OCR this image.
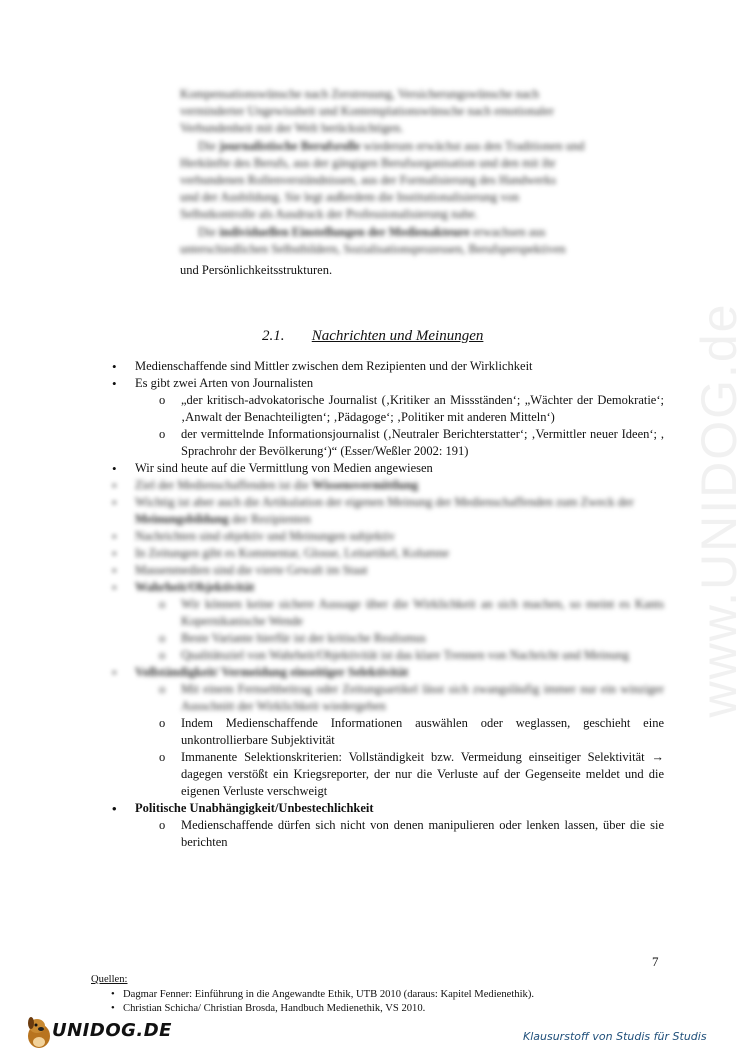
www.UNIDOG.de
Kompensationswünsche nach Zerstreuung, Versicherungswünsche nach
verminderter Ungewissheit und Kontemplationswünsche nach emotionaler
Verbundenheit mit der Welt berücksichtigen.
o Die journalistische Berufsrolle wiederum erwächst aus den Traditionen und
Herkünfte des Berufs, aus der gängigen Berufsorganisation und den mit ihr
verbundenen Rollenverständnissen, aus der Formalisierung des Handwerks
und der Ausbildung. Sie legt außerdem die Institutionalisierung von
Selbstkontrolle als Ausdruck der Professionalisierung nahe.
o Die individuellen Einstellungen der Medienakteure erwachsen aus
unterschiedlichen Selbstbildern, Sozialisationsprozessen, Berufsperspektiven
und Persönlichkeitsstrukturen.
2.1. Nachrichten und Meinungen
• Medienschaffende sind Mittler zwischen dem Rezipienten und der Wirklichkeit
• Es gibt zwei Arten von Journalisten
o „der kritisch-advokatorische Journalist (‚Kritiker an Missständen‘; „Wächter der Demokratie‘;‚Anwalt der Benachteiligten‘; ‚Pädagoge‘; ‚Politiker mit anderen Mitteln‘)
o der vermittelnde Informationsjournalist (‚Neutraler Berichterstatter‘; ‚Vermittler neuer Ideen‘; , Sprachrohr der Bevölkerung‘)“ (Esser/Weßler 2002: 191)
• Wir sind heute auf die Vermittlung von Medien angewiesen
• Ziel der Medienschaffenden ist die Wissensvermittlung
• Wichtig ist aber auch die Artikulation der eigenen Meinung der Medienschaffenden zum Zweck der Meinungsbildung der Rezipienten
• Nachrichten sind objektiv und Meinungen subjektiv
• In Zeitungen gibt es Kommentar, Glosse, Leitartikel, Kolumne
• Massenmedien sind die vierte Gewalt im Staat
• Wahrheit/Objektivität
o Wir können keine sichere Aussage über die Wirklichkeit an sich machen, so meint es Kants Kopernikanische Wende
o Beste Variante hierfür ist der kritische Realismus
o Qualitätsziel von Wahrheit/Objektivität ist das klare Trennen von Nachricht und Meinung
• Vollständigkeit/ Vermeidung einseitiger Selektivität
o Mit einem Fernsehbeitrag oder Zeitungsartikel lässt sich zwangsläufig immer nur ein winziger Ausschnitt der Wirklichkeit wiedergeben
o Indem Medienschaffende Informationen auswählen oder weglassen, geschieht eine unkontrollierbare Subjektivität
o Immanente Selektionskriterien: Vollständigkeit bzw. Vermeidung einseitiger Selektivität → dagegen verstößt ein Kriegsreporter, der nur die Verluste auf der Gegenseite meldet und die eigenen Verluste verschweigt
• Politische Unabhängigkeit/Unbestechlichkeit
o Medienschaffende dürfen sich nicht von denen manipulieren oder lenken lassen, über die sie berichten
7
Quellen:
• Dagmar Fenner: Einführung in die Angewandte Ethik, UTB 2010 (daraus: Kapitel Medienethik).
• Christian Schicha/ Christian Brosda, Handbuch Medienethik, VS 2010.
UNIDOG.DE	Klausurstoff von Studis für Studis
